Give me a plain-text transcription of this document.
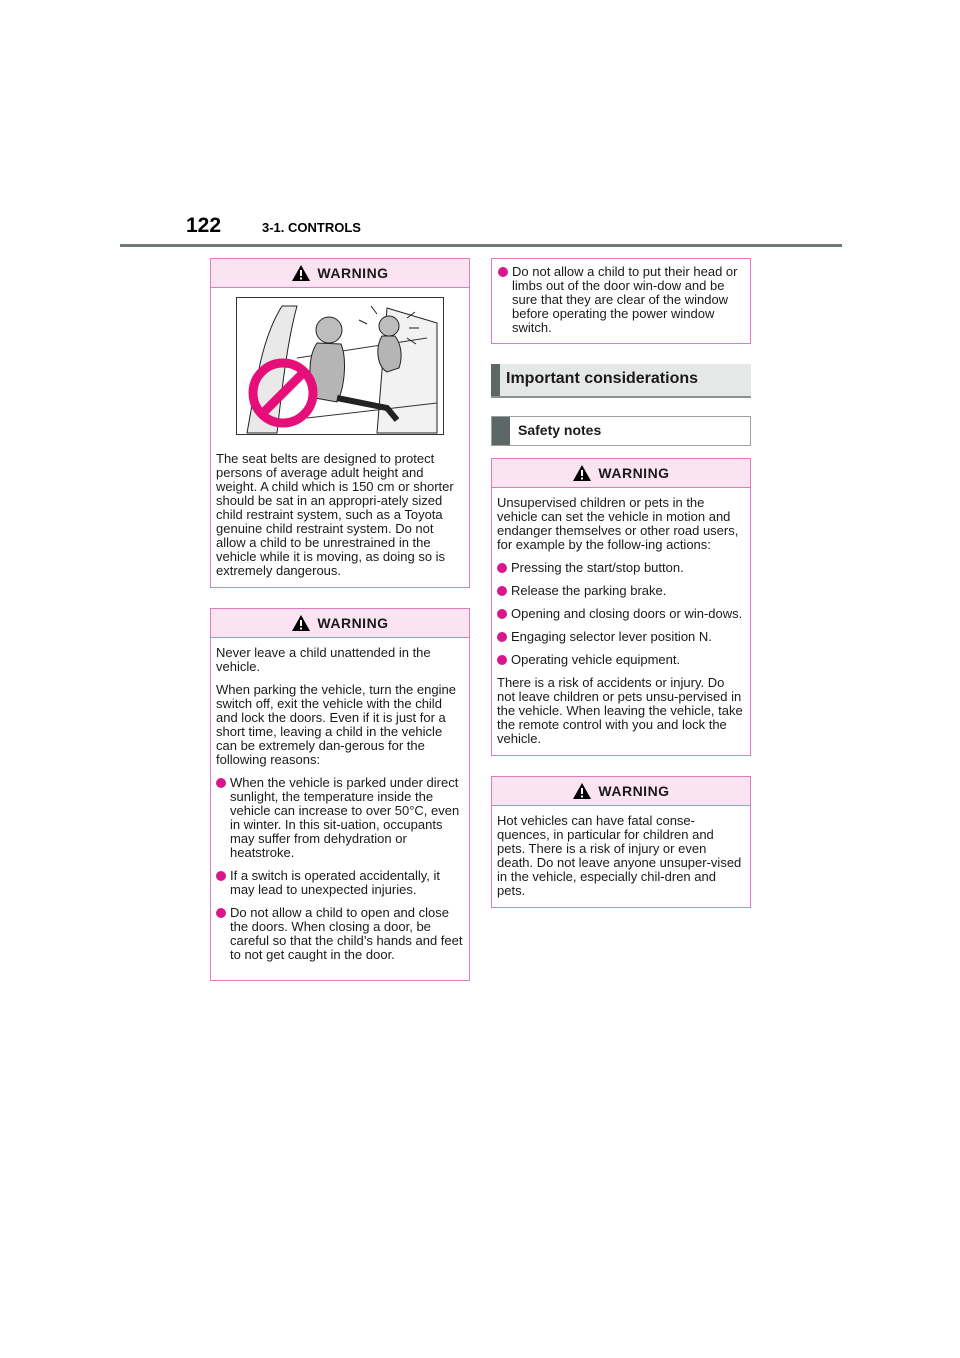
122	3-1. CONTROLS
WARNING

The seat belts are designed to protect persons of average adult height and weight. A child which is 150 cm or shorter should be sat in an appropri-ately sized child restraint system, such as a Toyota genuine child restraint system. Do not allow a child to be unrestrained in the vehicle while it is moving, as doing so is extremely dangerous.

WARNING

Never leave a child unattended in the vehicle.

When parking the vehicle, turn the engine switch off, exit the vehicle with the child and lock the doors. Even if it is just for a short time, leaving a child in the vehicle can be extremely dan-gerous for the following reasons:

When the vehicle is parked under direct sunlight, the temperature inside the vehicle can increase to over 50°C, even in winter. In this sit-uation, occupants may suffer from dehydration or heatstroke.
If a switch is operated accidentally, it may lead to unexpected injuries.
Do not allow a child to open and close the doors. When closing a door, be careful so that the child’s hands and feet to not get caught in the door.
Do not allow a child to put their head or limbs out of the door win-dow and be sure that they are clear of the window before operating the power window switch.
Important considerations
Safety notes
WARNING

Unsupervised children or pets in the vehicle can set the vehicle in motion and endanger themselves or other road users, for example by the follow-ing actions:

Pressing the start/stop button.
Release the parking brake.
Opening and closing doors or win-dows.
Engaging selector lever position N.
Operating vehicle equipment.

There is a risk of accidents or injury. Do not leave children or pets unsu-pervised in the vehicle. When leaving the vehicle, take the remote control with you and lock the vehicle.

WARNING

Hot vehicles can have fatal conse-quences, in particular for children and pets. There is a risk of injury or even death. Do not leave anyone unsuper-vised in the vehicle, especially chil-dren and pets.
